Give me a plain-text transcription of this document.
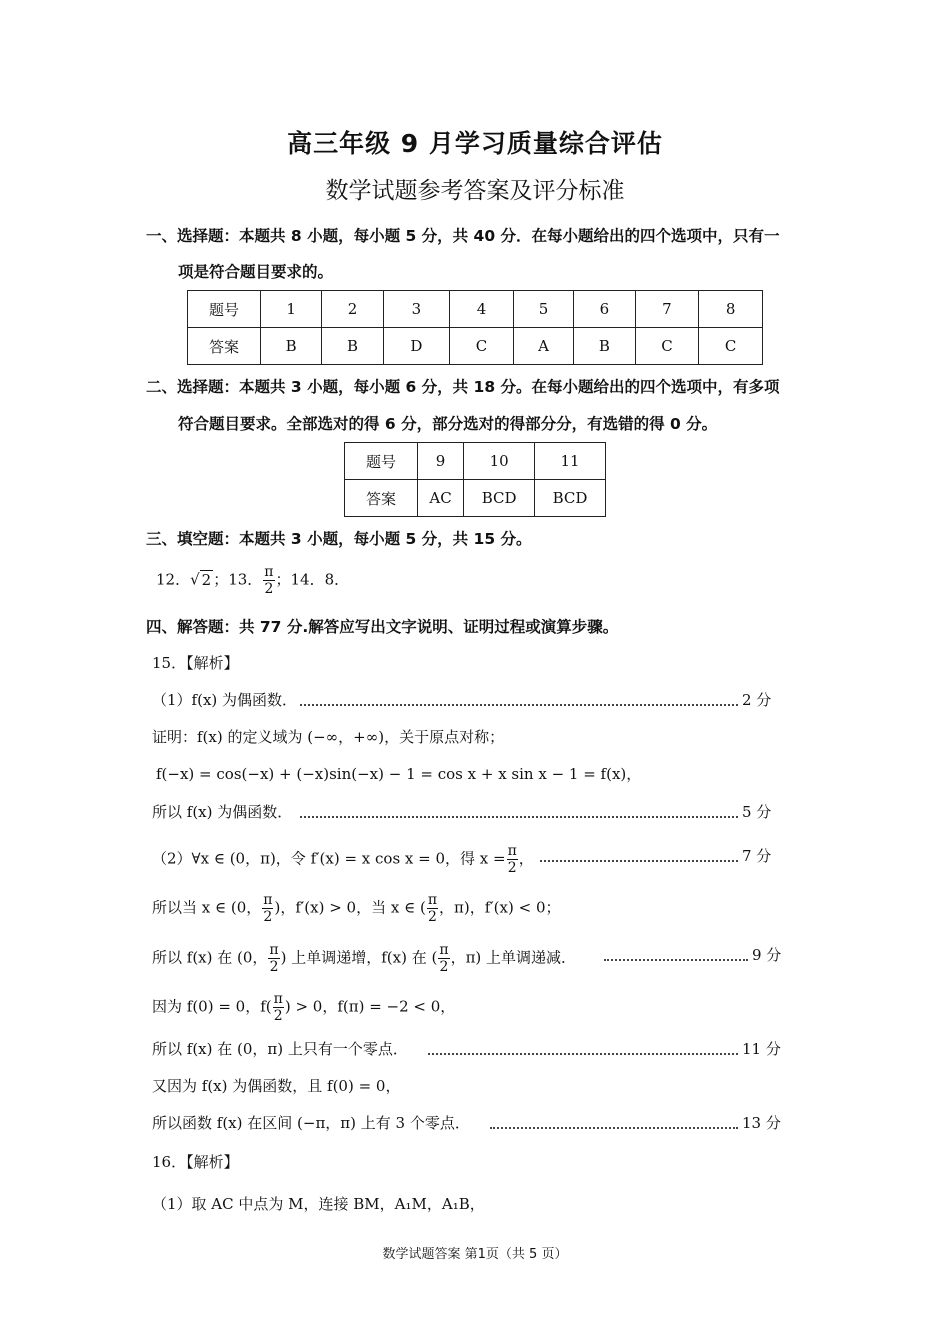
高三年级 9 月学习质量综合评估
数学试题参考答案及评分标准
一、选择题：本题共 8 小题，每小题 5 分，共 40 分．在每小题给出的四个选项中，只有一
项是符合题目要求的。
题号	1	2	3	4	5	6	7	8
答案	B	B	D	C	A	B	C	C
二、选择题：本题共 3 小题，每小题 6 分，共 18 分。在每小题给出的四个选项中，有多项
符合题目要求。全部选对的得 6 分，部分选对的得部分分，有选错的得 0 分。
题号	9	10	11
答案	AC	BCD	BCD
三、填空题：本题共 3 小题，每小题 5 分，共 15 分。
12．√ 2 ；13． $\frac{\pi}{2}$ ；14．8．
四、解答题：共 77 分.解答应写出文字说明、证明过程或演算步骤。
15．【解析】
（1）f(x) 为偶函数．	2 分
证明：f(x) 的定义域为 (−∞，+∞)，关于原点对称；
f(−x) = cos(−x) + (−x)sin(−x) − 1 = cos x + x sin x − 1 = f(x)，
所以 f(x) 为偶函数．	5 分
（2）∀x ∈ (0，π)，令 f′(x) = x cos x = 0，得 $x = \frac{\pi}{2}$ ，	7 分
所以当 x ∈ (0， $\frac{\pi}{2}$ )，f′(x) > 0，当 x ∈ ( $\frac{\pi}{2}$ ，π)，f′(x) < 0；
所以 f(x) 在 (0， $\frac{\pi}{2}$ ) 上单调递增，f(x) 在 ( $\frac{\pi}{2}$ ，π) 上单调递减．	9 分
因为 f(0) = 0，$f( \frac{\pi}{2}$ ) > 0，f(π) = −2 < 0，
所以 f(x) 在 (0，π) 上只有一个零点．	11 分
又因为 f(x) 为偶函数，且 f(0) = 0，
所以函数 f(x) 在区间 (−π，π) 上有 3 个零点．	13 分
16．【解析】
（1）取 AC 中点为 M，连接 BM，A₁M，A₁B，
数学试题答案 第1页（共 5 页）
